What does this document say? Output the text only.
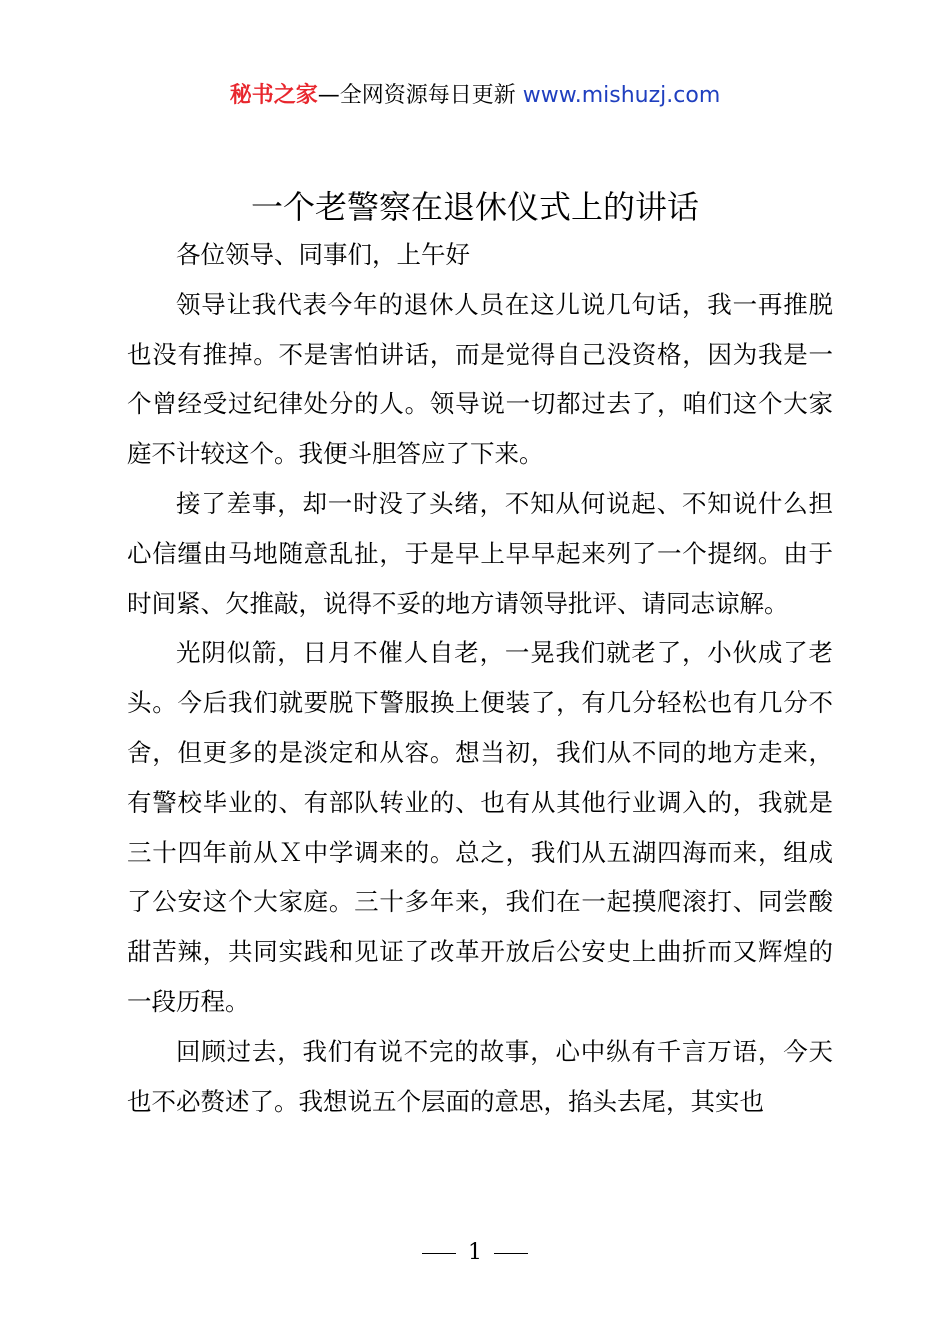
秘书之家—全网资源每日更新 www.mishuzj.com
一个老警察在退休仪式上的讲话

各位领导、同事们，上午好

领导让我代表今年的退休人员在这儿说几句话，我一再推脱也没有推掉。不是害怕讲话，而是觉得自己没资格，因为我是一个曾经受过纪律处分的人。领导说一切都过去了，咱们这个大家庭不计较这个。我便斗胆答应了下来。

接了差事，却一时没了头绪，不知从何说起、不知说什么担心信缰由马地随意乱扯，于是早上早早起来列了一个提纲。由于时间紧、欠推敲，说得不妥的地方请领导批评、请同志谅解。

光阴似箭，日月不催人自老，一晃我们就老了，小伙成了老头。今后我们就要脱下警服换上便装了，有几分轻松也有几分不舍，但更多的是淡定和从容。想当初，我们从不同的地方走来，有警校毕业的、有部队转业的、也有从其他行业调入的，我就是三十四年前从Ｘ中学调来的。总之，我们从五湖四海而来，组成了公安这个大家庭。三十多年来，我们在一起摸爬滚打、同尝酸甜苦辣，共同实践和见证了改革开放后公安史上曲折而又辉煌的一段历程。

回顾过去，我们有说不完的故事，心中纵有千言万语，今天也不必赘述了。我想说五个层面的意思，掐头去尾，其实也

1
